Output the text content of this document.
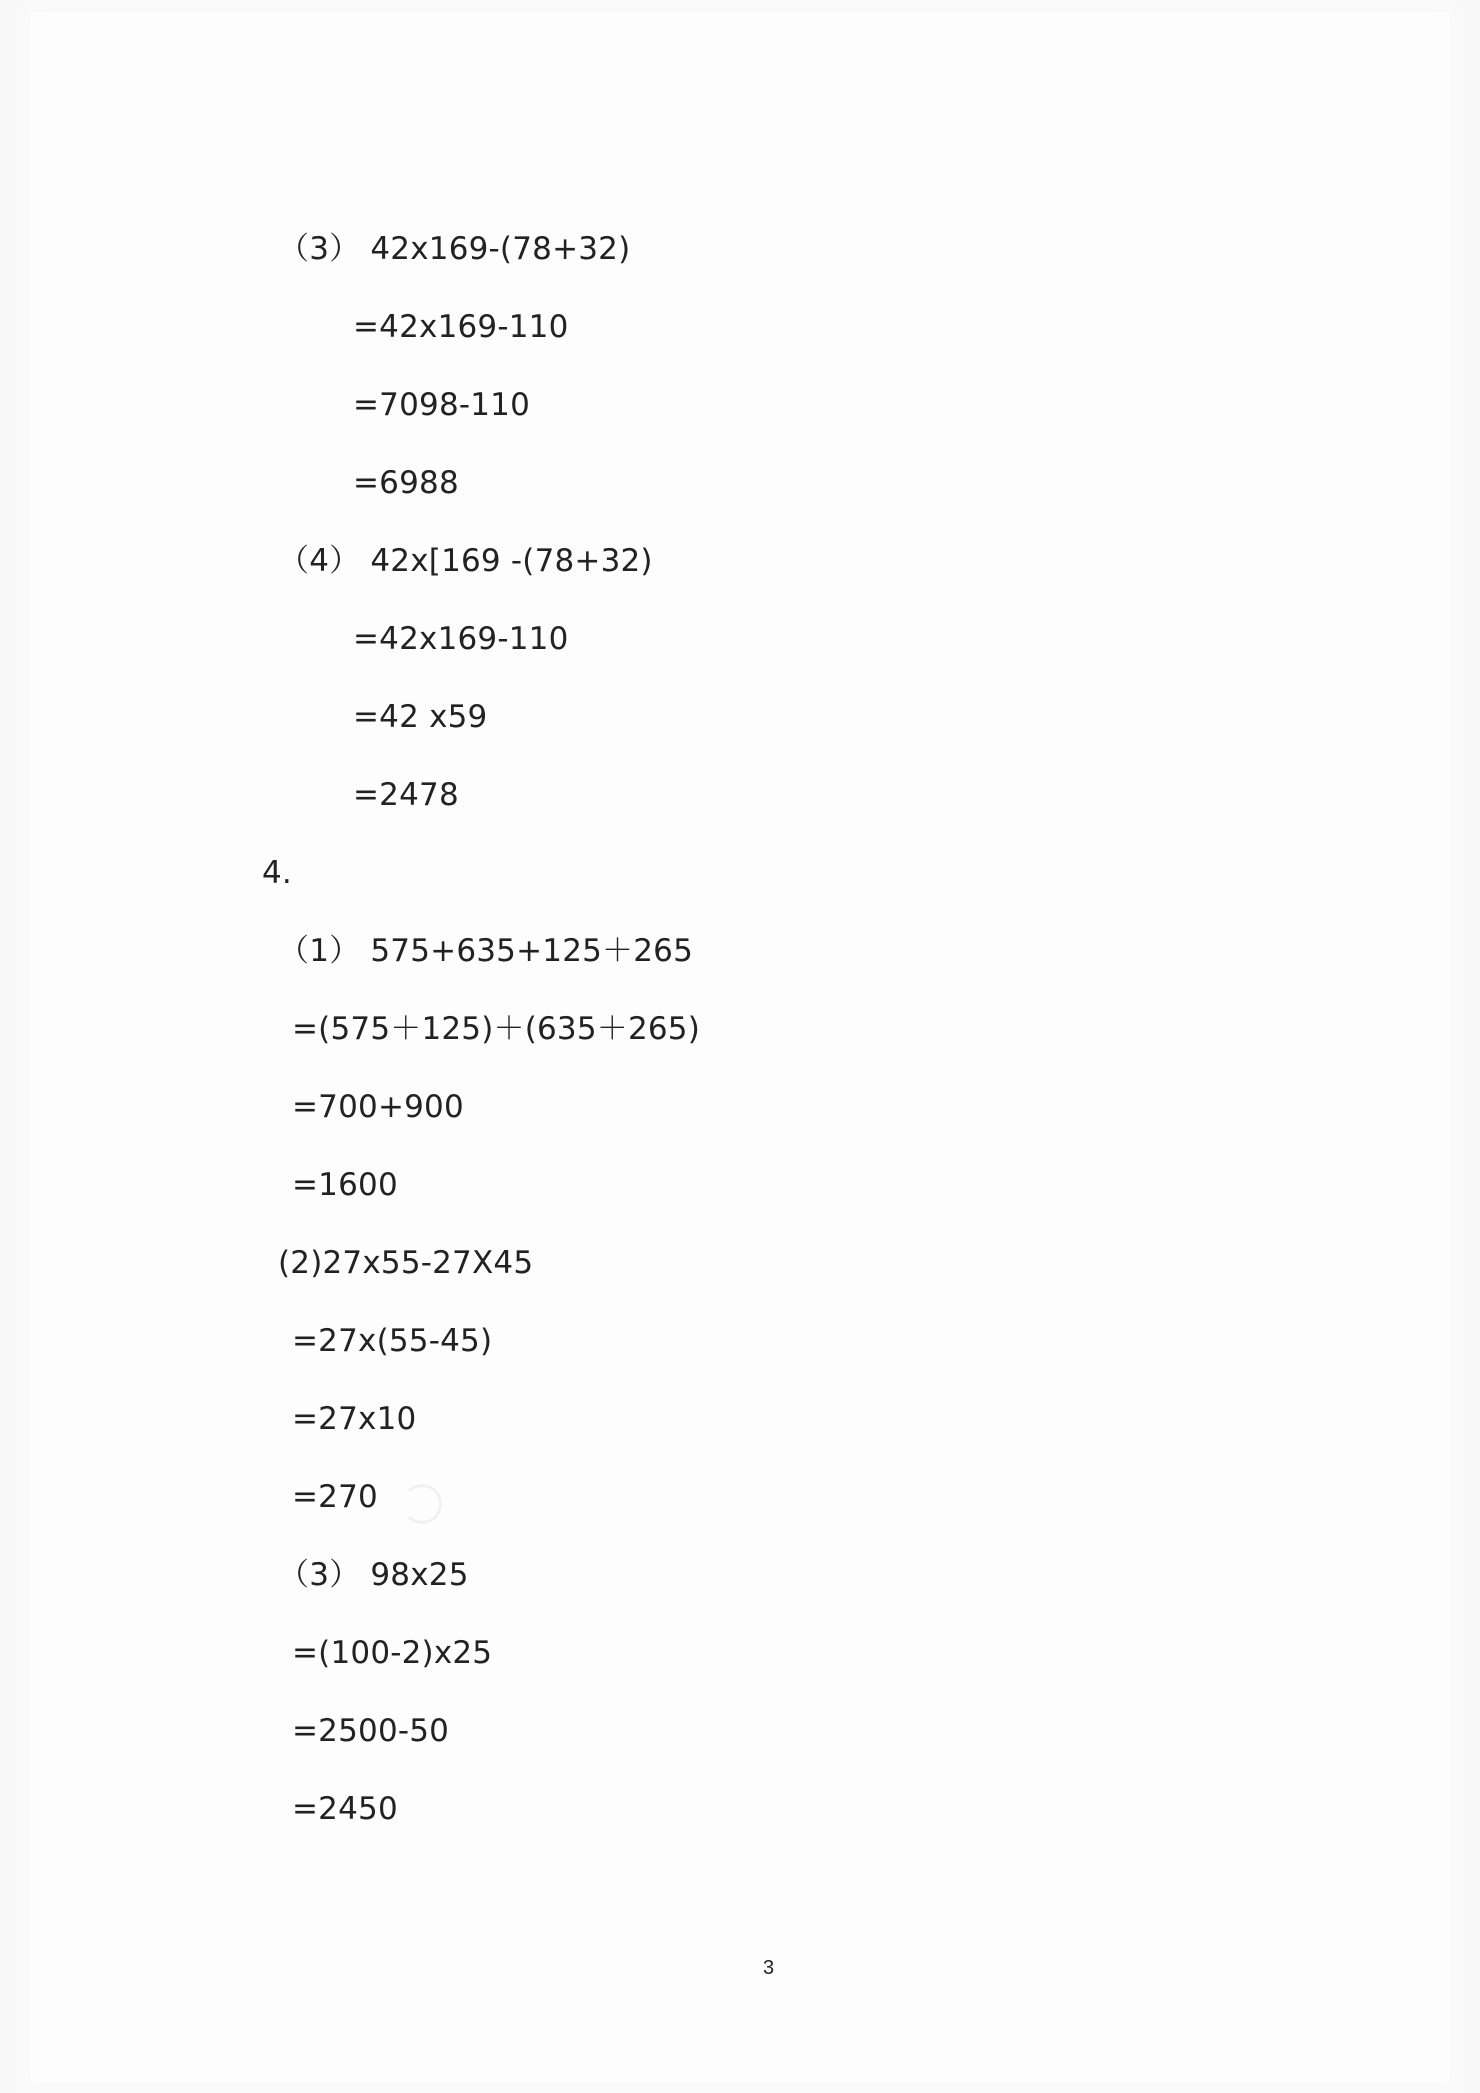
（3） 42x169-(78+32)
=42x169-110
=7098-110
=6988
（4） 42x[169 -(78+32)
=42x169-110
=42 x59
=2478
4.
（1） 575+635+125＋265
=(575＋125)＋(635＋265)
=700+900
=1600
(2)27x55-27X45
=27x(55-45)
=27x10
=270
（3） 98x25
=(100-2)x25
=2500-50
=2450
3
